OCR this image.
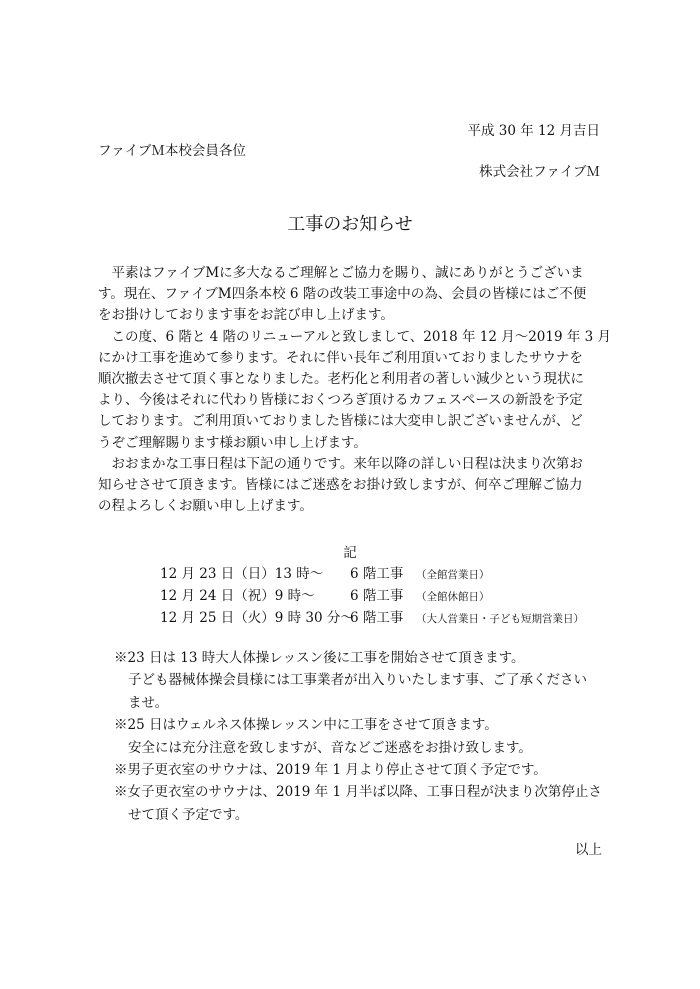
平成 30 年 12 月吉日
ファイブＭ本校会員各位
株式会社ファイブＭ
工事のお知らせ
　平素はファイブMに多大なるご理解とご協力を賜り、誠にありがとうございま
す。現在、ファイブM四条本校 6 階の改装工事途中の為、会員の皆様にはご不便
をお掛けしております事をお詫び申し上げます。
　この度、6 階と 4 階のリニューアルと致しまして、2018 年 12 月〜2019 年 3 月
にかけ工事を進めて参ります。それに伴い長年ご利用頂いておりましたサウナを
順次撤去させて頂く事となりました。老朽化と利用者の著しい減少という現状に
より、今後はそれに代わり皆様におくつろぎ頂けるカフェスペースの新設を予定
しております。ご利用頂いておりました皆様には大変申し訳ございませんが、ど
うぞご理解賜ります様お願い申し上げます。
　おおまかな工事日程は下記の通りです。来年以降の詳しい日程は決まり次第お
知らせさせて頂きます。皆様にはご迷惑をお掛け致しますが、何卒ご理解ご協力
の程よろしくお願い申し上げます。
記
12 月 23 日（日）13 時〜 6 階工事 （全館営業日）
12 月 24 日（祝）9 時〜	6 階工事 （全館休館日）
12 月 25 日（火）9 時 30 分〜
6 階工事 （大人営業日・子ども短期営業日）
※23 日は 13 時大人体操レッスン後に工事を開始させて頂きます。
子ども器械体操会員様には工事業者が出入りいたします事、ご了承ください
ませ。
※25 日はウェルネス体操レッスン中に工事をさせて頂きます。
安全には充分注意を致しますが、音などご迷惑をお掛け致します。
※男子更衣室のサウナは、2019 年 1 月より停止させて頂く予定です。
※女子更衣室のサウナは、2019 年 1 月半ば以降、工事日程が決まり次第停止さ
せて頂く予定です。
以上
